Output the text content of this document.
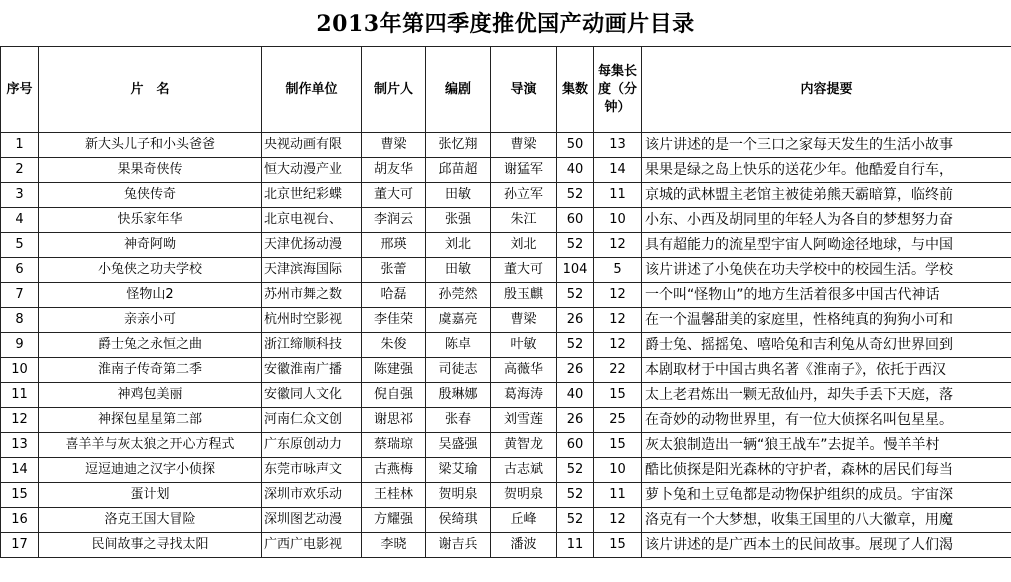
2013年第四季度推优国产动画片目录
序号	片　名	制作单位	制片人	编剧	导演	集数	每集长度（分钟）	内容提要
1	新大头儿子和小头爸爸	央视动画有限	曹梁	张忆翔	曹梁	50	13	该片讲述的是一个三口之家每天发生的生活小故事
2	果果奇侠传	恒大动漫产业	胡友华	邱苗超	谢猛军	40	14	果果是绿之岛上快乐的送花少年。他酷爱自行车，
3	兔侠传奇	北京世纪彩蝶	董大可	田敏	孙立军	52	11	京城的武林盟主老馆主被徒弟熊天霸暗算，临终前
4	快乐家年华	北京电视台、	李润云	张强	朱江	60	10	小东、小西及胡同里的年轻人为各自的梦想努力奋
5	神奇阿呦	天津优扬动漫	邢瑛	刘北	刘北	52	12	具有超能力的流星型宇宙人阿呦途径地球，与中国
6	小兔侠之功夫学校	天津滨海国际	张蕾	田敏	董大可	104	5	该片讲述了小兔侠在功夫学校中的校园生活。学校
7	怪物山2	苏州市舞之数	哈磊	孙莞然	殷玉麒	52	12	一个叫“怪物山”的地方生活着很多中国古代神话
8	亲亲小可	杭州时空影视	李佳荣	虞嘉亮	曹梁	26	12	在一个温馨甜美的家庭里，性格纯真的狗狗小可和
9	爵士兔之永恒之曲	浙江缔顺科技	朱俊	陈卓	叶敏	52	12	爵士兔、摇摇兔、嘻哈兔和吉利兔从奇幻世界回到
10	淮南子传奇第二季	安徽淮南广播	陈建强	司徒志	高薇华	26	22	本剧取材于中国古典名著《淮南子》，依托于西汉
11	神鸡包美丽	安徽同人文化	倪自强	殷琳娜	葛海涛	40	15	太上老君炼出一颗无敌仙丹，却失手丢下天庭，落
12	神探包星星第二部	河南仁众文创	谢思祁	张春	刘雪莲	26	25	在奇妙的动物世界里，有一位大侦探名叫包星星。
13	喜羊羊与灰太狼之开心方程式	广东原创动力	蔡瑞琼	吴盛强	黄智龙	60	15	灰太狼制造出一辆“狼王战车”去捉羊。慢羊羊村
14	逗逗迪迪之汉字小侦探	东莞市咏声文	古燕梅	梁艾瑜	古志斌	52	10	酷比侦探是阳光森林的守护者，森林的居民们每当
15	蛋计划	深圳市欢乐动	王桂林	贺明泉	贺明泉	52	11	萝卜兔和土豆龟都是动物保护组织的成员。宇宙深
16	洛克王国大冒险	深圳图艺动漫	方耀强	侯绮琪	丘峰	52	12	洛克有一个大梦想，收集王国里的八大徽章，用魔
17	民间故事之寻找太阳	广西广电影视	李晓	谢吉兵	潘波	11	15	该片讲述的是广西本土的民间故事。展现了人们渴
